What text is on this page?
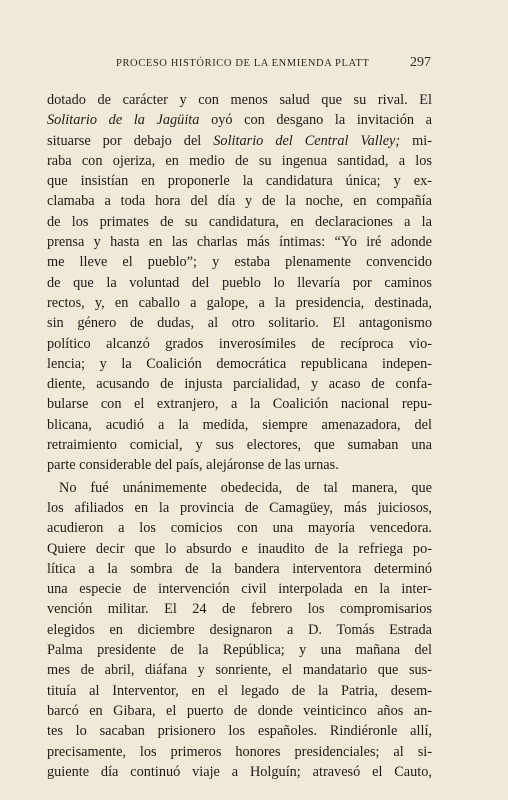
PROCESO HISTÓRICO DE LA ENMIENDA PLATT	297
dotado de carácter y con menos salud que su rival. El
Solitario de la Jagüita oyó con desgano la invitación a
situarse por debajo del Solitario del Central Valley; mi-
raba con ojeriza, en medio de su ingenua santidad, a los
que insistían en proponerle la candidatura única; y ex-
clamaba a toda hora del día y de la noche, en compañía
de los primates de su candidatura, en declaraciones a la
prensa y hasta en las charlas más íntimas: “Yo iré adonde
me lleve el pueblo”; y estaba plenamente convencido
de que la voluntad del pueblo lo llevaría por caminos
rectos, y, en caballo a galope, a la presidencia, destinada,
sin género de dudas, al otro solitario. El antagonismo
político alcanzó grados inverosímiles de recíproca vio-
lencia; y la Coalición democrática republicana indepen-
diente, acusando de injusta parcialidad, y acaso de confa-
bularse con el extranjero, a la Coalición nacional repu-
blicana, acudió a la medida, siempre amenazadora, del
retraimiento comicial, y sus electores, que sumaban una
parte considerable del país, alejáronse de las urnas.
No fué unánimemente obedecida, de tal manera, que
los afiliados en la provincia de Camagüey, más juiciosos,
acudieron a los comicios con una mayoría vencedora.
Quiere decir que lo absurdo e inaudito de la refriega po-
lítica a la sombra de la bandera interventora determinó
una especie de intervención civil interpolada en la inter-
vención militar. El 24 de febrero los compromisarios
elegidos en diciembre designaron a D. Tomás Estrada
Palma presidente de la República; y una mañana del
mes de abril, diáfana y sonriente, el mandatario que sus-
tituía al Interventor, en el legado de la Patria, desem-
barcó en Gibara, el puerto de donde veinticinco años an-
tes lo sacaban prisionero los españoles. Rindiéronle allí,
precisamente, los primeros honores presidenciales; al si-
guiente día continuó viaje a Holguín; atravesó el Cauto,
